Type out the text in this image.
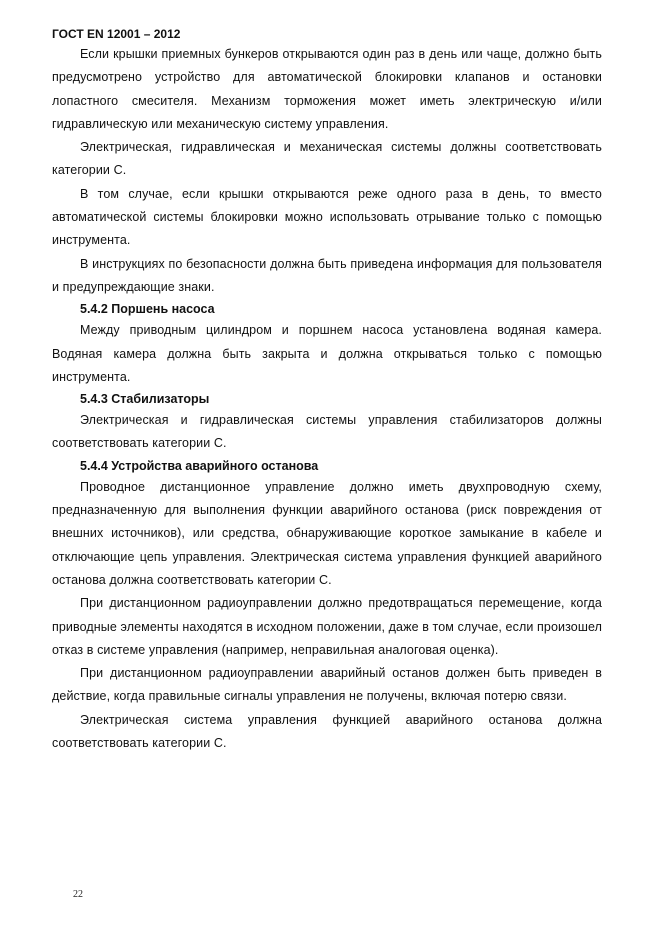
ГОСТ EN 12001 – 2012

Если крышки приемных бункеров открываются один раз в день или чаще, должно быть предусмотрено устройство для автоматической блокировки клапанов и остановки лопастного смесителя. Механизм торможения может иметь электрическую и/или гидравлическую или механическую систему управления.

Электрическая, гидравлическая и механическая системы должны соответствовать категории С.

В том случае, если крышки открываются реже одного раза в день, то вместо автоматической системы блокировки можно использовать отрывание только с помощью инструмента.

В инструкциях по безопасности должна быть приведена информация для пользователя и предупреждающие знаки.

5.4.2 Поршень насоса

Между приводным цилиндром и поршнем насоса установлена водяная камера. Водяная камера должна быть закрыта и должна открываться только с помощью инструмента.

5.4.3 Стабилизаторы

Электрическая и гидравлическая системы управления стабилизаторов должны соответствовать категории С.

5.4.4 Устройства аварийного останова

Проводное дистанционное управление должно иметь двухпроводную схему, предназначенную для выполнения функции аварийного останова (риск повреждения от внешних источников), или средства, обнаруживающие короткое замыкание в кабеле и отключающие цепь управления. Электрическая система управления функцией аварийного останова должна соответствовать категории С.

При дистанционном радиоуправлении должно предотвращаться перемещение, когда приводные элементы находятся в исходном положении, даже в том случае, если произошел отказ в системе управления (например, неправильная аналоговая оценка).

При дистанционном радиоуправлении аварийный останов должен быть приведен в действие, когда правильные сигналы управления не получены, включая потерю связи.

Электрическая система управления функцией аварийного останова должна соответствовать категории С.

22
